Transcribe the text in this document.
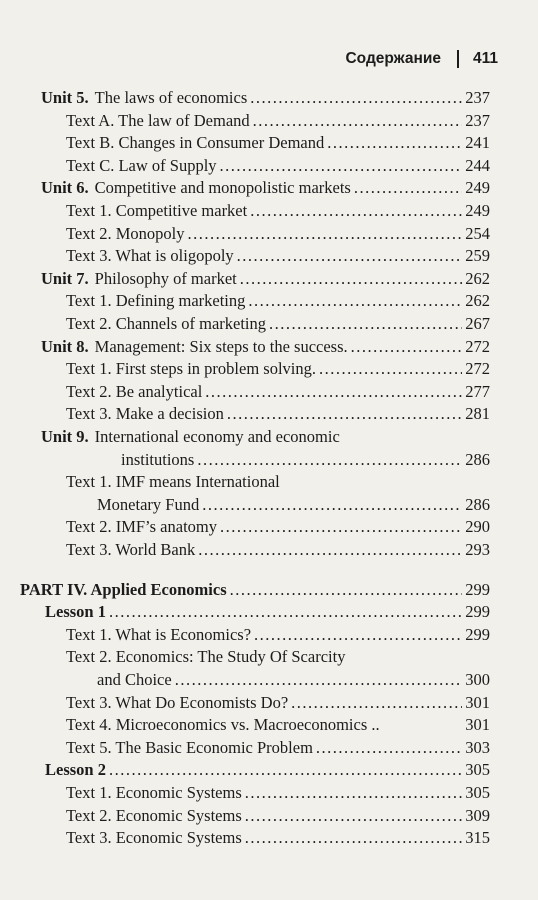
Содержание 411
Unit 5. The laws of economics .....	237
Text A. The law of Demand .....	237
Text B. Changes in Consumer Demand .....	241
Text C. Law of Supply .....	244
Unit 6. Competitive and monopolistic markets .....	249
Text 1. Competitive market .....	249
Text 2. Monopoly .....	254
Text 3. What is oligopoly .....	259
Unit 7. Philosophy of market .....	262
Text 1. Defining marketing .....	262
Text 2. Channels of marketing .....	267
Unit 8. Management: Six steps to the success. .....	272
Text 1. First steps in problem solving. .....	272
Text 2. Be analytical .....	277
Text 3. Make a decision .....	281
Unit 9. International economy and economic
institutions .....	286
Text 1. IMF means International
Monetary Fund .....	286
Text 2. IMF’s anatomy .....	290
Text 3. World Bank .....	293
PART IV. Applied Economics .....	299
Lesson 1 .....	299
Text 1. What is Economics? .....	299
Text 2. Economics: The Study Of Scarcity
and Choice .....	300
Text 3. What Do Economists Do? .....	301
Text 4. Microeconomics vs. Macroeconomics ..	301
Text 5. The Basic Economic Problem .....	303
Lesson 2 .....	305
Text 1. Economic Systems .....	305
Text 2. Economic Systems .....	309
Text 3. Economic Systems .....	315
